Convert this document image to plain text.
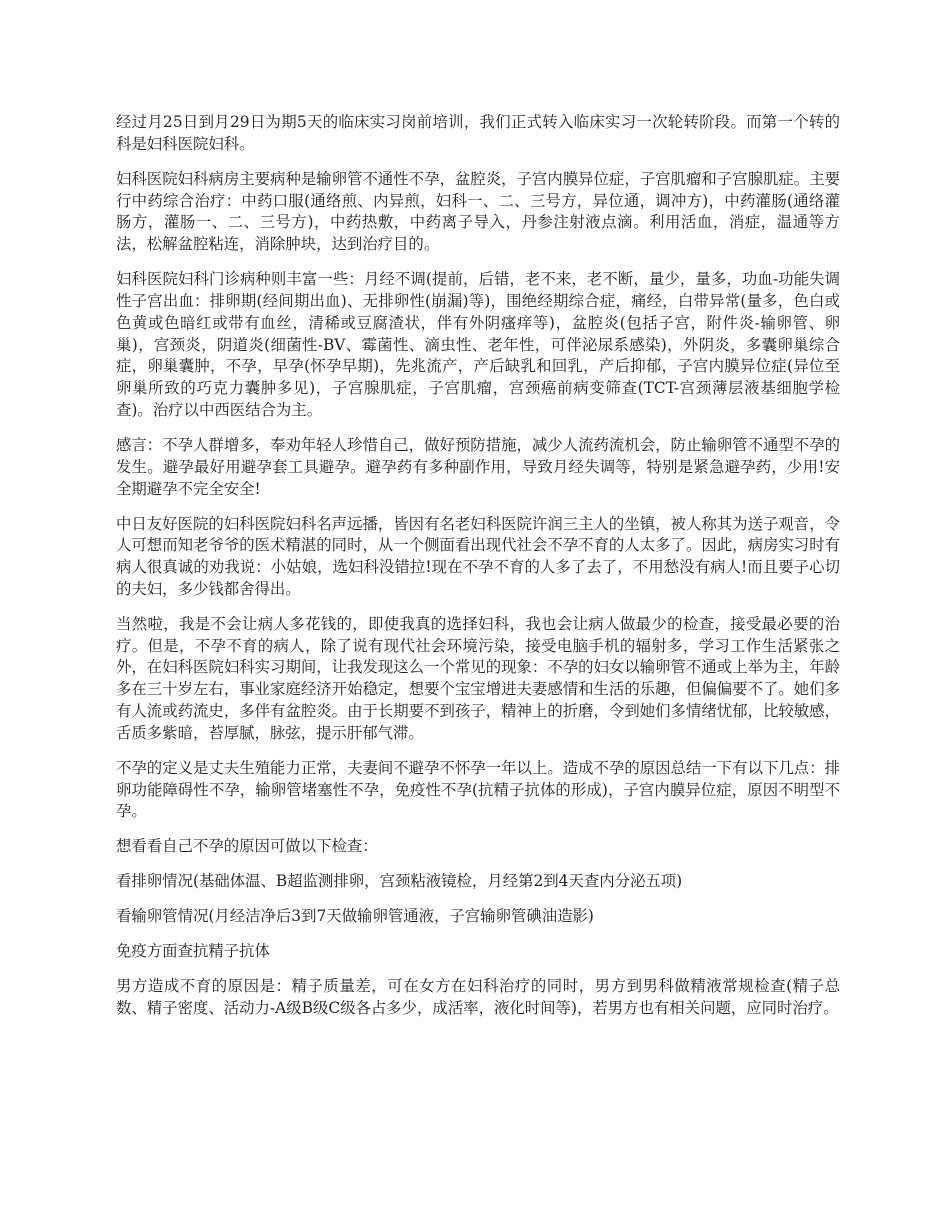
经过月25日到月29日为期5天的临床实习岗前培训，我们正式转入临床实习一次轮转阶段。而第一个转的科是妇科医院妇科。

妇科医院妇科病房主要病种是输卵管不通性不孕，盆腔炎，子宫内膜异位症，子宫肌瘤和子宫腺肌症。主要行中药综合治疗：中药口服(通络煎、内异煎，妇科一、二、三号方，异位通，调冲方)，中药灌肠(通络灌肠方，灌肠一、二、三号方)，中药热敷，中药离子导入，丹参注射液点滴。利用活血，消症，温通等方法，松解盆腔粘连，消除肿块，达到治疗目的。

妇科医院妇科门诊病种则丰富一些：月经不调(提前，后错，老不来，老不断，量少，量多，功血-功能失调性子宫出血：排卵期(经间期出血)、无排卵性(崩漏)等)，围绝经期综合症，痛经，白带异常(量多，色白或色黄或色暗红或带有血丝，清稀或豆腐渣状，伴有外阴瘙痒等)，盆腔炎(包括子宫，附件炎-输卵管、卵巢)，宫颈炎，阴道炎(细菌性-BV、霉菌性、滴虫性、老年性，可伴泌尿系感染)，外阴炎，多囊卵巢综合症，卵巢囊肿，不孕，早孕(怀孕早期)，先兆流产，产后缺乳和回乳，产后抑郁，子宫内膜异位症(异位至卵巢所致的巧克力囊肿多见)，子宫腺肌症，子宫肌瘤，宫颈癌前病变筛查(TCT-宫颈薄层液基细胞学检查)。治疗以中西医结合为主。

感言：不孕人群增多，奉劝年轻人珍惜自己，做好预防措施，减少人流药流机会，防止输卵管不通型不孕的发生。避孕最好用避孕套工具避孕。避孕药有多种副作用，导致月经失调等，特别是紧急避孕药，少用!安全期避孕不完全安全!

中日友好医院的妇科医院妇科名声远播，皆因有名老妇科医院许润三主人的坐镇，被人称其为送子观音，令人可想而知老爷爷的医术精湛的同时，从一个侧面看出现代社会不孕不育的人太多了。因此，病房实习时有病人很真诚的劝我说：小姑娘，选妇科没错拉!现在不孕不育的人多了去了，不用愁没有病人!而且要子心切的夫妇，多少钱都舍得出。

当然啦，我是不会让病人多花钱的，即使我真的选择妇科，我也会让病人做最少的检查，接受最必要的治疗。但是，不孕不育的病人，除了说有现代社会环境污染，接受电脑手机的辐射多，学习工作生活紧张之外，在妇科医院妇科实习期间，让我发现这么一个常见的现象：不孕的妇女以输卵管不通或上举为主，年龄多在三十岁左右，事业家庭经济开始稳定，想要个宝宝增进夫妻感情和生活的乐趣，但偏偏要不了。她们多有人流或药流史，多伴有盆腔炎。由于长期要不到孩子，精神上的折磨，令到她们多情绪忧郁，比较敏感，舌质多紫暗，苔厚腻，脉弦，提示肝郁气滞。

不孕的定义是丈夫生殖能力正常，夫妻间不避孕不怀孕一年以上。造成不孕的原因总结一下有以下几点：排卵功能障碍性不孕，输卵管堵塞性不孕，免疫性不孕(抗精子抗体的形成)，子宫内膜异位症，原因不明型不孕。

想看看自己不孕的原因可做以下检查：

看排卵情况(基础体温、B超监测排卵，宫颈粘液镜检，月经第2到4天查内分泌五项)

看输卵管情况(月经洁净后3到7天做输卵管通液，子宫输卵管碘油造影)

免疫方面查抗精子抗体

男方造成不育的原因是：精子质量差，可在女方在妇科治疗的同时，男方到男科做精液常规检查(精子总数、精子密度、活动力-A级B级C级各占多少，成活率，液化时间等)，若男方也有相关问题，应同时治疗。
